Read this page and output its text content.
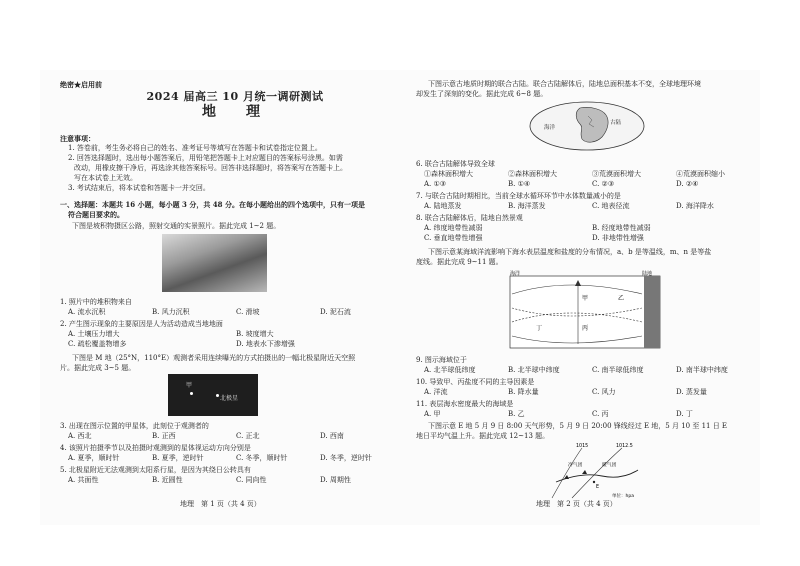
绝密★启用前
2024 届高三 10 月统一调研测试
地　理
注意事项：
1. 答卷前，考生务必将自己的姓名、准考证号等填写在答题卡和试卷指定位置上。
2. 回答选择题时，选出每小题答案后，用铅笔把答题卡上对应题目的答案标号涂黑。如需
改动，用橡皮擦干净后，再选涂其他答案标号。回答非选择题时，将答案写在答题卡上。
写在本试卷上无效。
3. 考试结束后，将本试卷和答题卡一并交回。
一、选择题：本题共 16 小题，每小题 3 分，共 48 分。在每小题给出的四个选项中，只有一项是
符合题目要求的。
下图是坡积物摄区公路，照射交通的实景照片。据此完成 1~2 题。
1. 照片中的堆积物来自
A. 流水沉积	B. 风力沉积	C. 滑坡	D. 泥石流
2. 产生图示现象的主要原因是人为活动造成当地地面
A. 土壤压力增大	B. 坡度增大
C. 疏松覆盖物增多	D. 地表水下渗增强
下图是 M 地（25°N，110°E）观测者采用连续曝光的方式拍摄出的一幅北极星附近天空照
片。据此完成 3~5 题。
甲
北极星
3. 出现在图示位置的甲星体，此刻位于观测者的
A. 西北	B. 正西	C. 正北	D. 西南
4. 该照片拍摄季节以及拍摄时观测到的星体视运动方向分别是
A. 夏季，顺时针	B. 夏季，逆时针	C. 冬季，顺时针	D. 冬季，逆时针
5. 北极星附近无法观测到太阳系行星，是因为其绕日公转具有
A. 共面性	B. 近圆性	C. 同向性	D. 周期性
地理　第 1 页（共 4 页）
下图示意古地质时期的联合古陆。联合古陆解体后，陆地总面积基本不变，全球地理环境
却发生了深刻的变化。据此完成 6~8 题。
海洋
古陆
6. 联合古陆解体导致全球
①森林面积增大	②森林面积增大	③荒漠面积增大	④荒漠面积缩小
A. ①③	B. ①④	C. ②③	D. ②④
7. 与联合古陆时期相比，当前全球水循环环节中水体数量减小的是
A. 陆地蒸发	B. 海洋蒸发	C. 地表径流	D. 海洋降水
8. 联合古陆解体后，陆地自然景观
A. 纬度地带性减弱	B. 经度地带性减弱
C. 垂直地带性增强	D. 非地带性增强
下图示意某海域洋流影响下海水表层温度和盐度的分布情况，a、b 是等温线，m、n 是等盐
度线。据此完成 9~11 题。
海洋	陆地
甲	乙
丙
丁
9. 图示海域位于
A. 北半球低纬度	B. 北半球中纬度	C. 南半球低纬度	D. 南半球中纬度
10. 导致甲、丙盐度不同的主导因素是
A. 洋流	B. 降水量	C. 风力	D. 蒸发量
11. 表层海水密度最大的海域是
A. 甲	B. 乙	C. 丙	D. 丁
下图示意 E 地 5 月 9 日 8:00 天气形势，5 月 9 日 20:00 锋线经过 E 地，5 月 10 至 11 日 E
地日平均气温上升。据此完成 12~13 题。
1015	1012.5
冷气团	暖气团
E
单位：hpa
地理　第 2 页（共 4 页）
